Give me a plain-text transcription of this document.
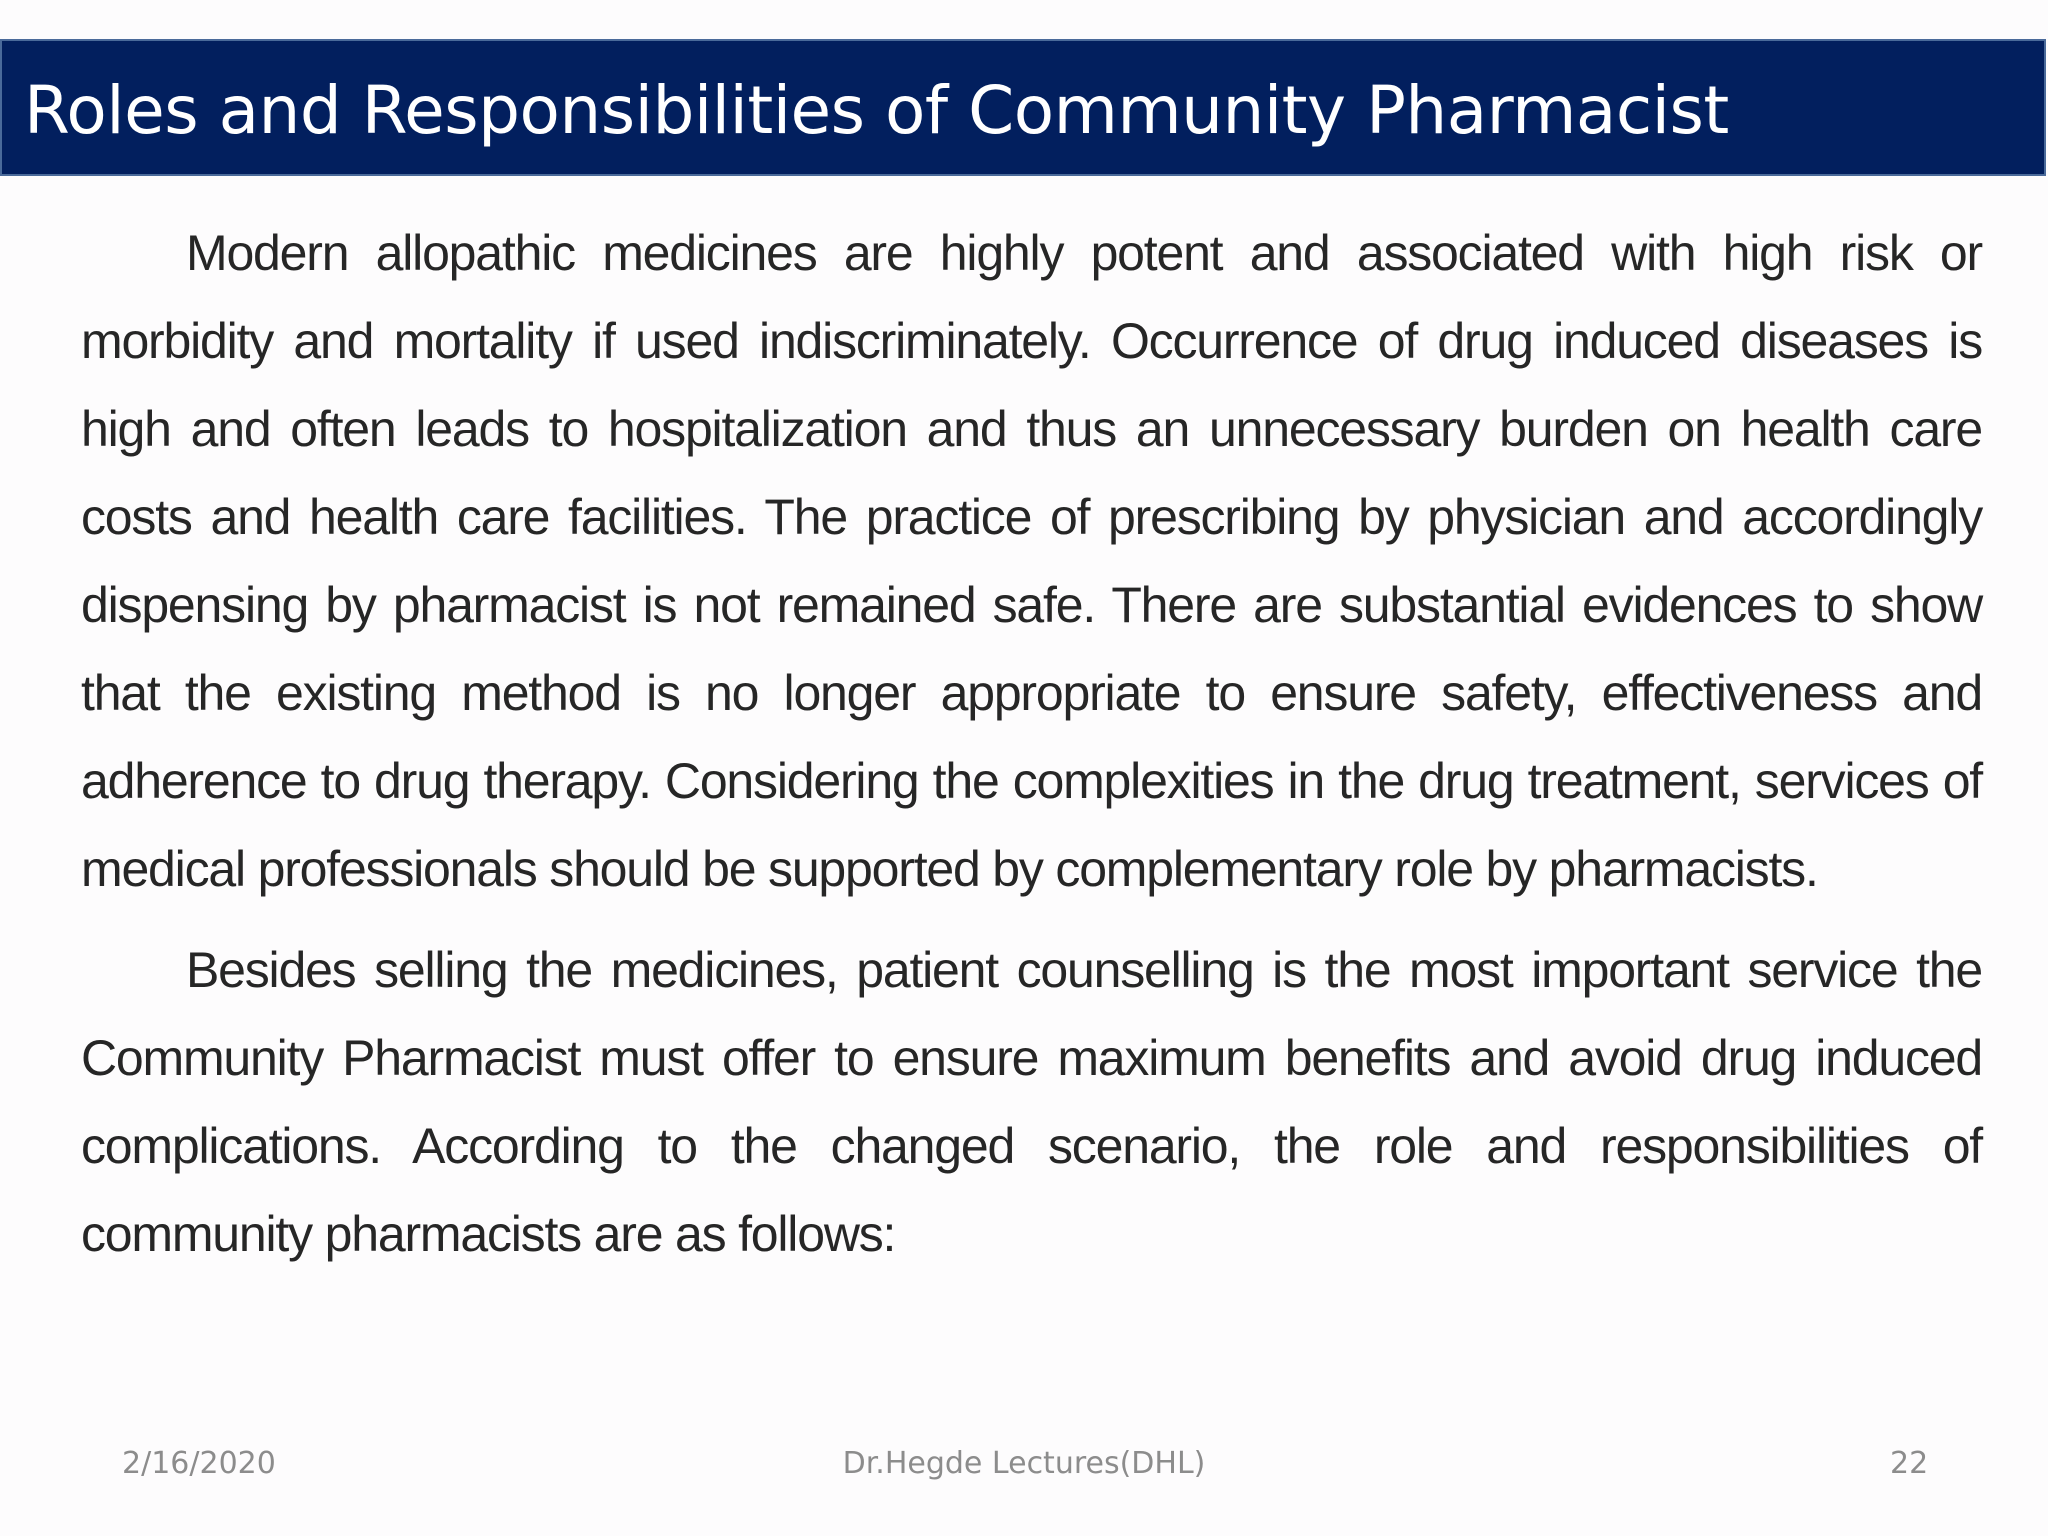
Roles and Responsibilities of Community Pharmacist

Modern allopathic medicines are highly potent and associated with high risk or morbidity and mortality if used indiscriminately. Occurrence of drug induced diseases is high and often leads to hospitalization and thus an unnecessary burden on health care costs and health care facilities. The practice of prescribing by physician and accordingly dispensing by pharmacist is not remained safe. There are substantial evidences to show that the existing method is no longer appropriate to ensure safety, effectiveness and adherence to drug therapy. Considering the complexities in the drug treatment, services of medical professionals should be supported by complementary role by pharmacists.

Besides selling the medicines, patient counselling is the most important service the Community Pharmacist must offer to ensure maximum benefits and avoid drug induced complications. According to the changed scenario, the role and responsibilities of community pharmacists are as follows:

2/16/2020	Dr.Hegde Lectures(DHL)	22
